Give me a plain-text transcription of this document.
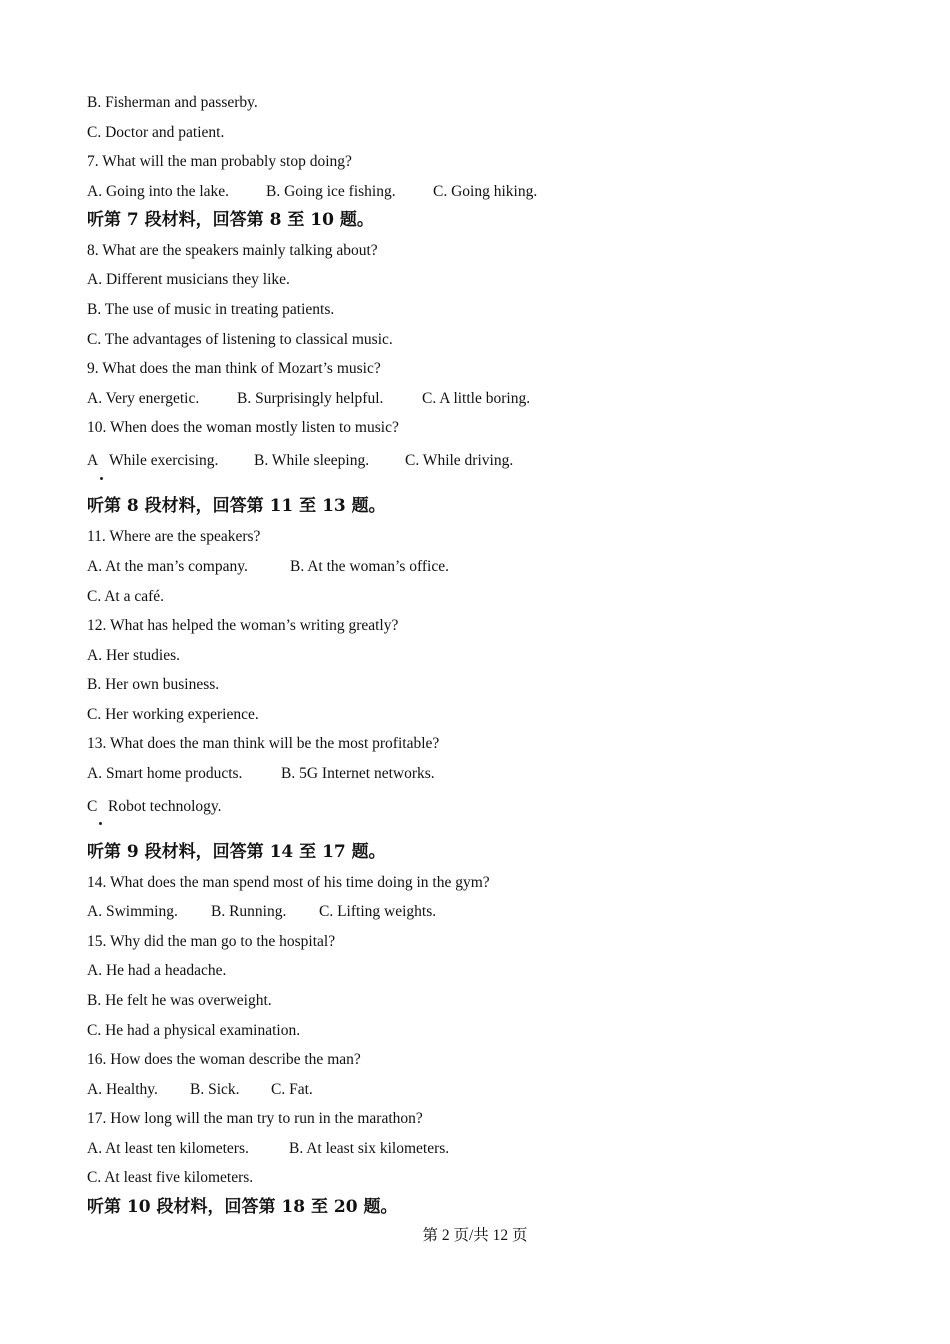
B. Fisherman and passerby.
C. Doctor and patient.
7. What will the man probably stop doing?
A. Going into the lake. B. Going ice fishing. C. Going hiking.
听第 7 段材料，回答第 8 至 10 题。
8. What are the speakers mainly talking about?
A. Different musicians they like.
B. The use of music in treating patients.
C. The advantages of listening to classical music.
9. What does the man think of Mozart’s music?
A. Very energetic. B. Surprisingly helpful. C. A little boring.
10. When does the woman mostly listen to music?
A While exercising. B. While sleeping. C. While driving.
听第 8 段材料，回答第 11 至 13 题。
11. Where are the speakers?
A. At the man’s company.	B. At the woman’s office.
C. At a café.
12. What has helped the woman’s writing greatly?
A. Her studies.
B. Her own business.
C. Her working experience.
13. What does the man think will be the most profitable?
A. Smart home products. B. 5G Internet networks.
C Robot technology.
听第 9 段材料，回答第 14 至 17 题。
14. What does the man spend most of his time doing in the gym?
A. Swimming. B. Running. C. Lifting weights.
15. Why did the man go to the hospital?
A. He had a headache.
B. He felt he was overweight.
C. He had a physical examination.
16. How does the woman describe the man?
A. Healthy. B. Sick. C. Fat.
17. How long will the man try to run in the marathon?
A. At least ten kilometers.	B. At least six kilometers.
C. At least five kilometers.
听第 10 段材料，回答第 18 至 20 题。
第 2 页/共 12 页
